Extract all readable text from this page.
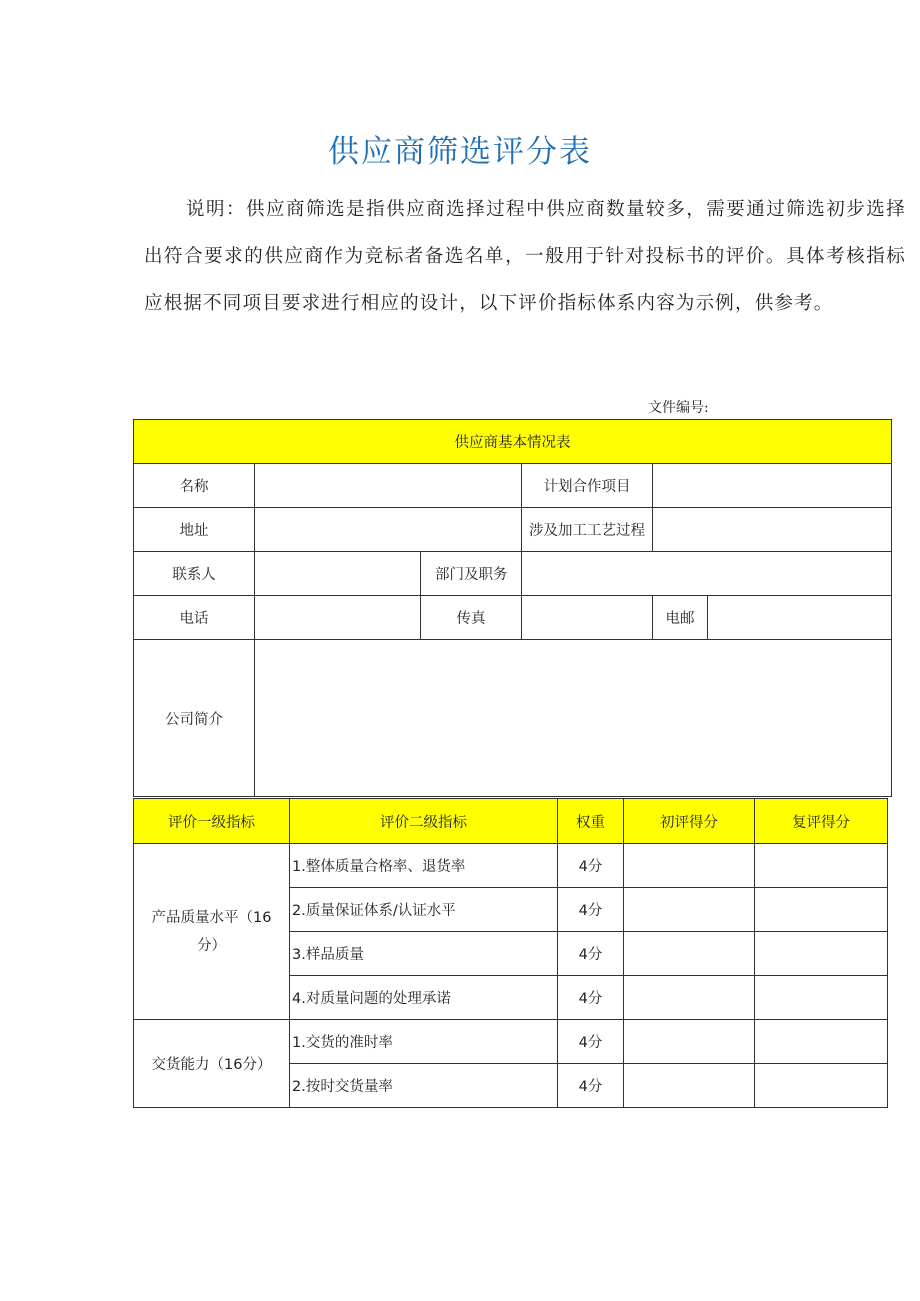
供应商筛选评分表
说明：供应商筛选是指供应商选择过程中供应商数量较多，需要通过筛选初步选择出符合要求的供应商作为竞标者备选名单，一般用于针对投标书的评价。具体考核指标应根据不同项目要求进行相应的设计，以下评价指标体系内容为示例，供参考。
文件编号:
供应商基本情况表					
名称			计划合作项目		
地址			涉及加工工艺过程		
联系人		部门及职务			
电话		传真		电邮	
公司简介					
评价一级指标	评价二级指标	权重	初评得分	复评得分
产品质量水平（16分）	1.整体质量合格率、退货率	4分		
	2.质量保证体系/认证水平	4分		
	3.样品质量	4分		
	4.对质量问题的处理承诺	4分		
交货能力（16分）	1.交货的准时率	4分		
	2.按时交货量率	4分		
